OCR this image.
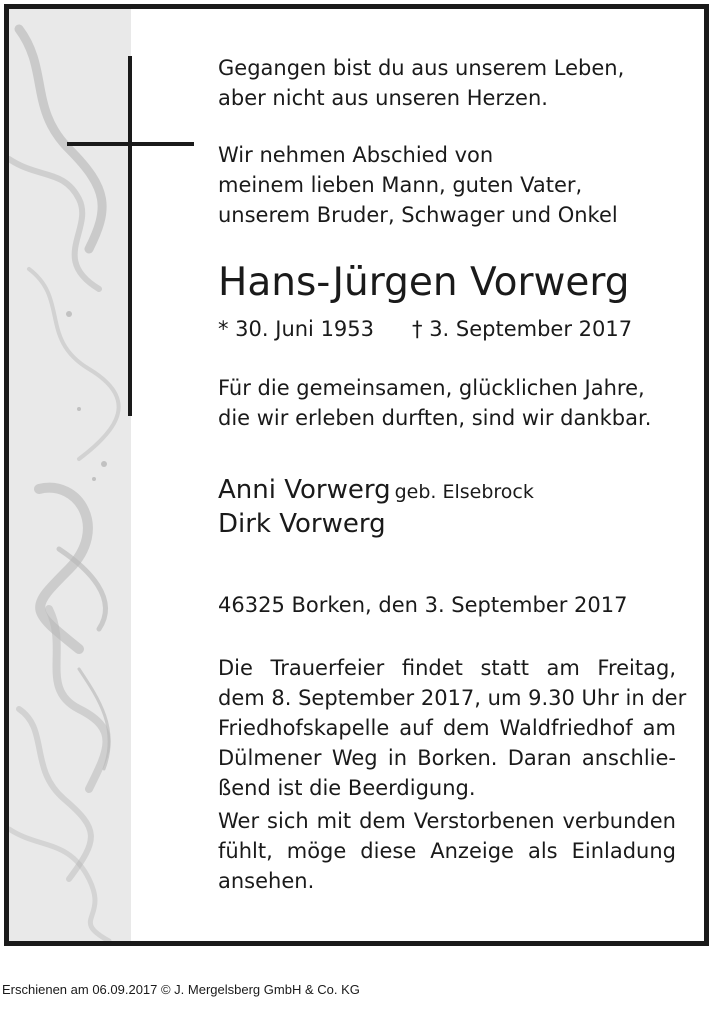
Gegangen bist du aus unserem Leben,
aber nicht aus unseren Herzen.

Wir nehmen Abschied von
meinem lieben Mann, guten Vater,
unserem Bruder, Schwager und Onkel

Hans-Jürgen Vorwerg
* 30. Juni 1953 † 3. September 2017

Für die gemeinsamen, glücklichen Jahre,
die wir erleben durften, sind wir dankbar.

Anni Vorwerg geb. Elsebrock
Dirk Vorwerg
46325 Borken, den 3. September 2017

Die Trauerfeier findet statt am Freitag,
dem 8. September 2017, um 9.30 Uhr in der
Friedhofskapelle auf dem Waldfriedhof am
Dülmener Weg in Borken. Daran anschlie-
ßend ist die Beerdigung.

Wer sich mit dem Verstorbenen verbunden
fühlt, möge diese Anzeige als Einladung
ansehen.

Erschienen am 06.09.2017 © J. Mergelsberg GmbH & Co. KG
